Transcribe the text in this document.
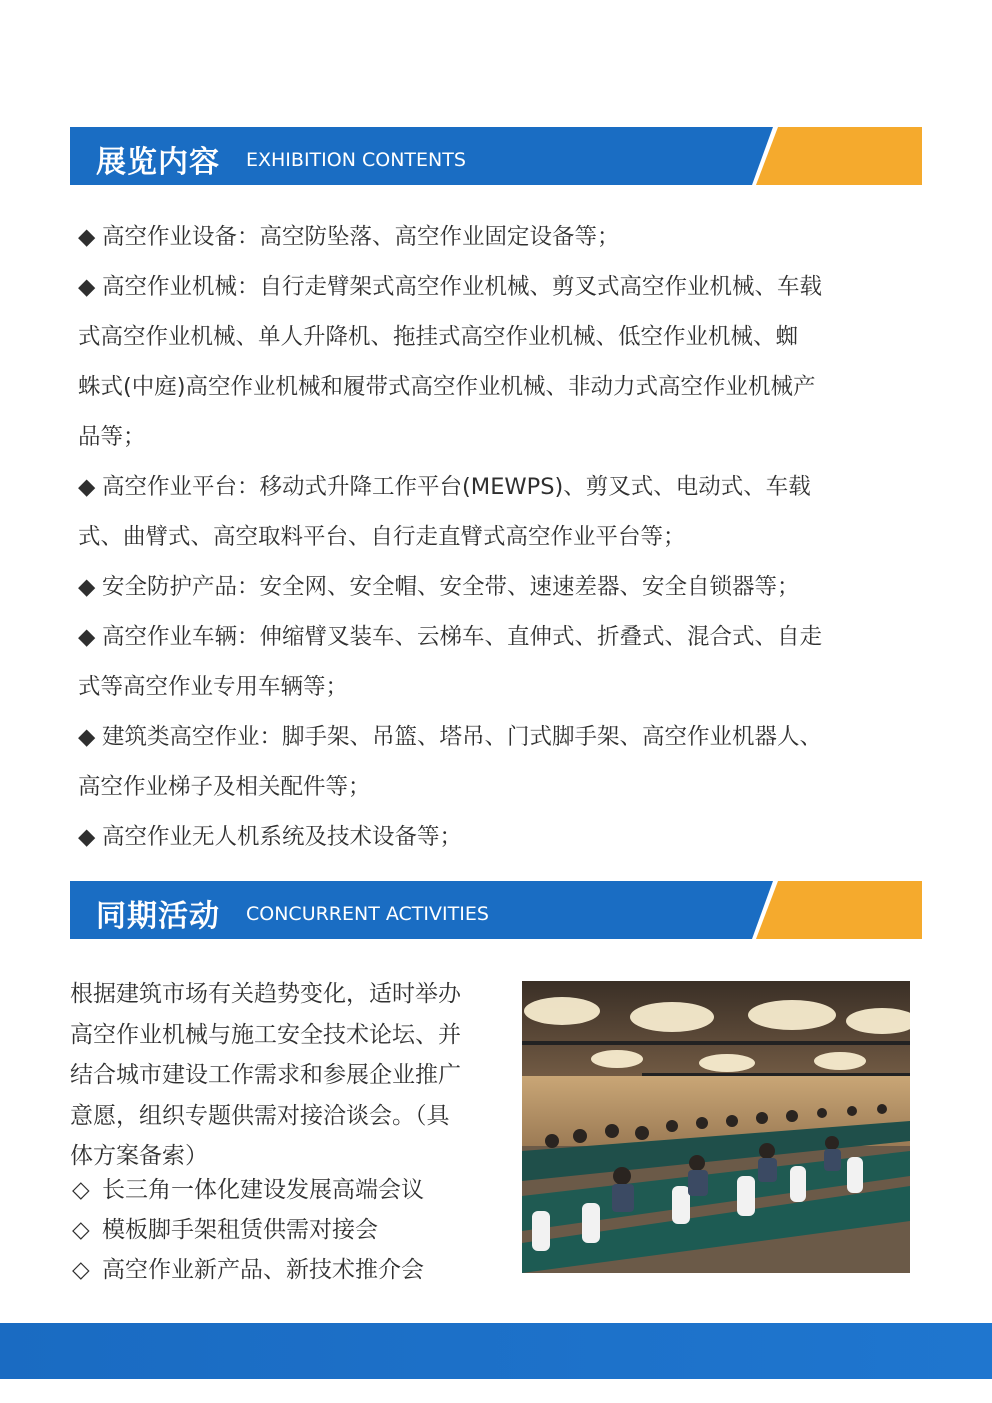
展览内容 EXHIBITION CONTENTS
◆ 高空作业设备：高空防坠落、高空作业固定设备等；
◆ 高空作业机械：自行走臂架式高空作业机械、剪叉式高空作业机械、车载
式高空作业机械、单人升降机、拖挂式高空作业机械、低空作业机械、蜘
蛛式(中庭)高空作业机械和履带式高空作业机械、非动力式高空作业机械产
品等；
◆ 高空作业平台：移动式升降工作平台(MEWPS)、剪叉式、电动式、车载
式、曲臂式、高空取料平台、自行走直臂式高空作业平台等；
◆ 安全防护产品：安全网、安全帽、安全带、速速差器、安全自锁器等；
◆ 高空作业车辆：伸缩臂叉装车、云梯车、直伸式、折叠式、混合式、自走
式等高空作业专用车辆等；
◆ 建筑类高空作业：脚手架、吊篮、塔吊、门式脚手架、高空作业机器人、
高空作业梯子及相关配件等；
◆ 高空作业无人机系统及技术设备等；
同期活动 CONCURRENT ACTIVITIES
根据建筑市场有关趋势变化，适时举办
高空作业机械与施工安全技术论坛、并
结合城市建设工作需求和参展企业推广
意愿，组织专题供需对接洽谈会。（具
体方案备索）
◇ 长三角一体化建设发展高端会议
◇ 模板脚手架租赁供需对接会
◇ 高空作业新产品、新技术推介会
